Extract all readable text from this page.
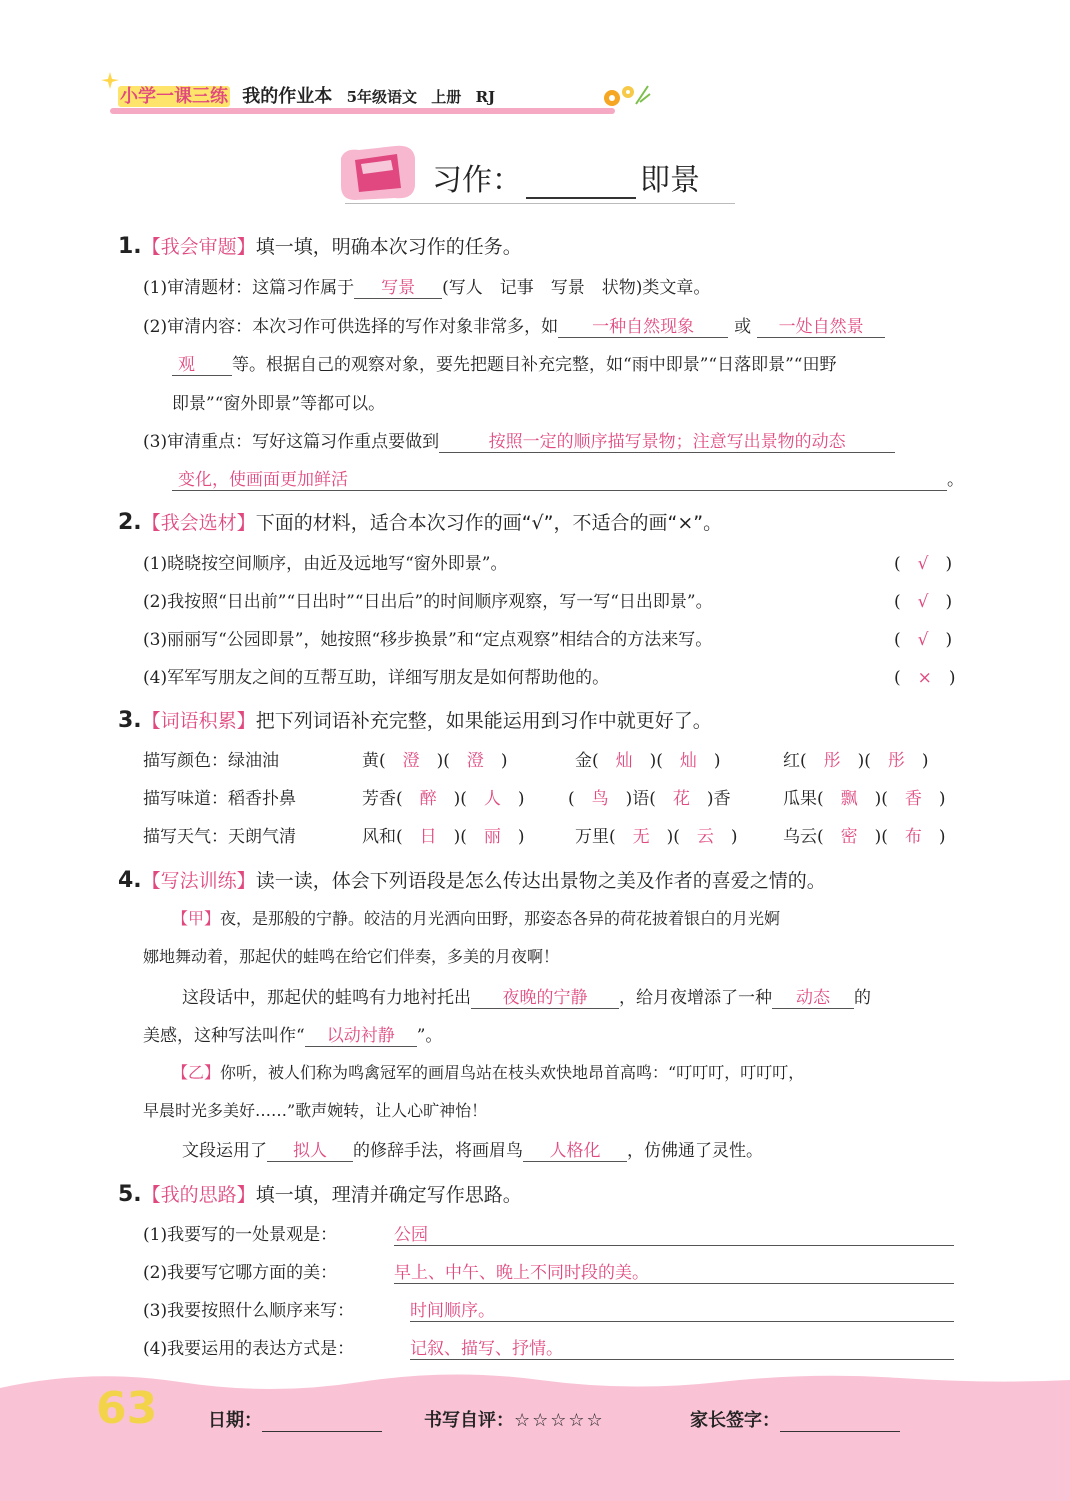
小学一课三练 我的作业本 5年级语文 上册 RJ
习作：	即景
1.【我会审题】填一填，明确本次习作的任务。
(1)审清题材：这篇习作属于 写景 (写人　记事　写景　状物)类文章。
(2)审清内容：本次习作可供选择的写作对象非常多，如 一种自然现象 或 一处自然景
观 等。根据自己的观察对象，要先把题目补充完整，如“雨中即景”“日落即景”“田野
即景”“窗外即景”等都可以。
(3)审清重点：写好这篇习作重点要做到	按照一定的顺序描写景物；注意写出景物的动态
变化，使画面更加鲜活	。
2.【我会选材】下面的材料，适合本次习作的画“√”，不适合的画“×”。
(1)晓晓按空间顺序，由近及远地写“窗外即景”。	(　√　)
(2)我按照“日出前”“日出时”“日出后”的时间顺序观察，写一写“日出即景”。	(　√　)
(3)丽丽写“公园即景”，她按照“移步换景”和“定点观察”相结合的方法来写。	(　√　)
(4)军军写朋友之间的互帮互助，详细写朋友是如何帮助他的。	(　×　)
3.【词语积累】把下列词语补充完整，如果能运用到习作中就更好了。
描写颜色：绿油油	黄(　澄　)(　澄　)	金(　灿　)(　灿　)	红(　彤　)(　彤　)
描写味道：稻香扑鼻	芳香(　醉　)(　人　)	(　鸟　)语(　花　)香	瓜果(　飘　)(　香　)
描写天气：天朗气清	风和(　日　)(　丽　)	万里(　无　)(　云　)	乌云(　密　)(　布　)
4.【写法训练】读一读，体会下列语段是怎么传达出景物之美及作者的喜爱之情的。
【甲】夜，是那般的宁静。皎洁的月光洒向田野，那姿态各异的荷花披着银白的月光婀
娜地舞动着，那起伏的蛙鸣在给它们伴奏，多美的月夜啊！
这段话中，那起伏的蛙鸣有力地衬托出 夜晚的宁静 ，给月夜增添了一种 动态 的
美感，这种写法叫作“ 以动衬静 ”。
【乙】你听，被人们称为鸣禽冠军的画眉鸟站在枝头欢快地昂首高鸣：“叮叮叮，叮叮叮，
早晨时光多美好……”歌声婉转，让人心旷神怡！
文段运用了 拟人 的修辞手法，将画眉鸟 人格化 ，仿佛通了灵性。
5.【我的思路】填一填，理清并确定写作思路。
(1)我要写的一处景观是：	公园
(2)我要写它哪方面的美：	早上、中午、晚上不同时段的美。
(3)我要按照什么顺序来写：	时间顺序。
(4)我要运用的表达方式是：	记叙、描写、抒情。
63	日期：	书写自评：☆☆☆☆☆	家长签字：
